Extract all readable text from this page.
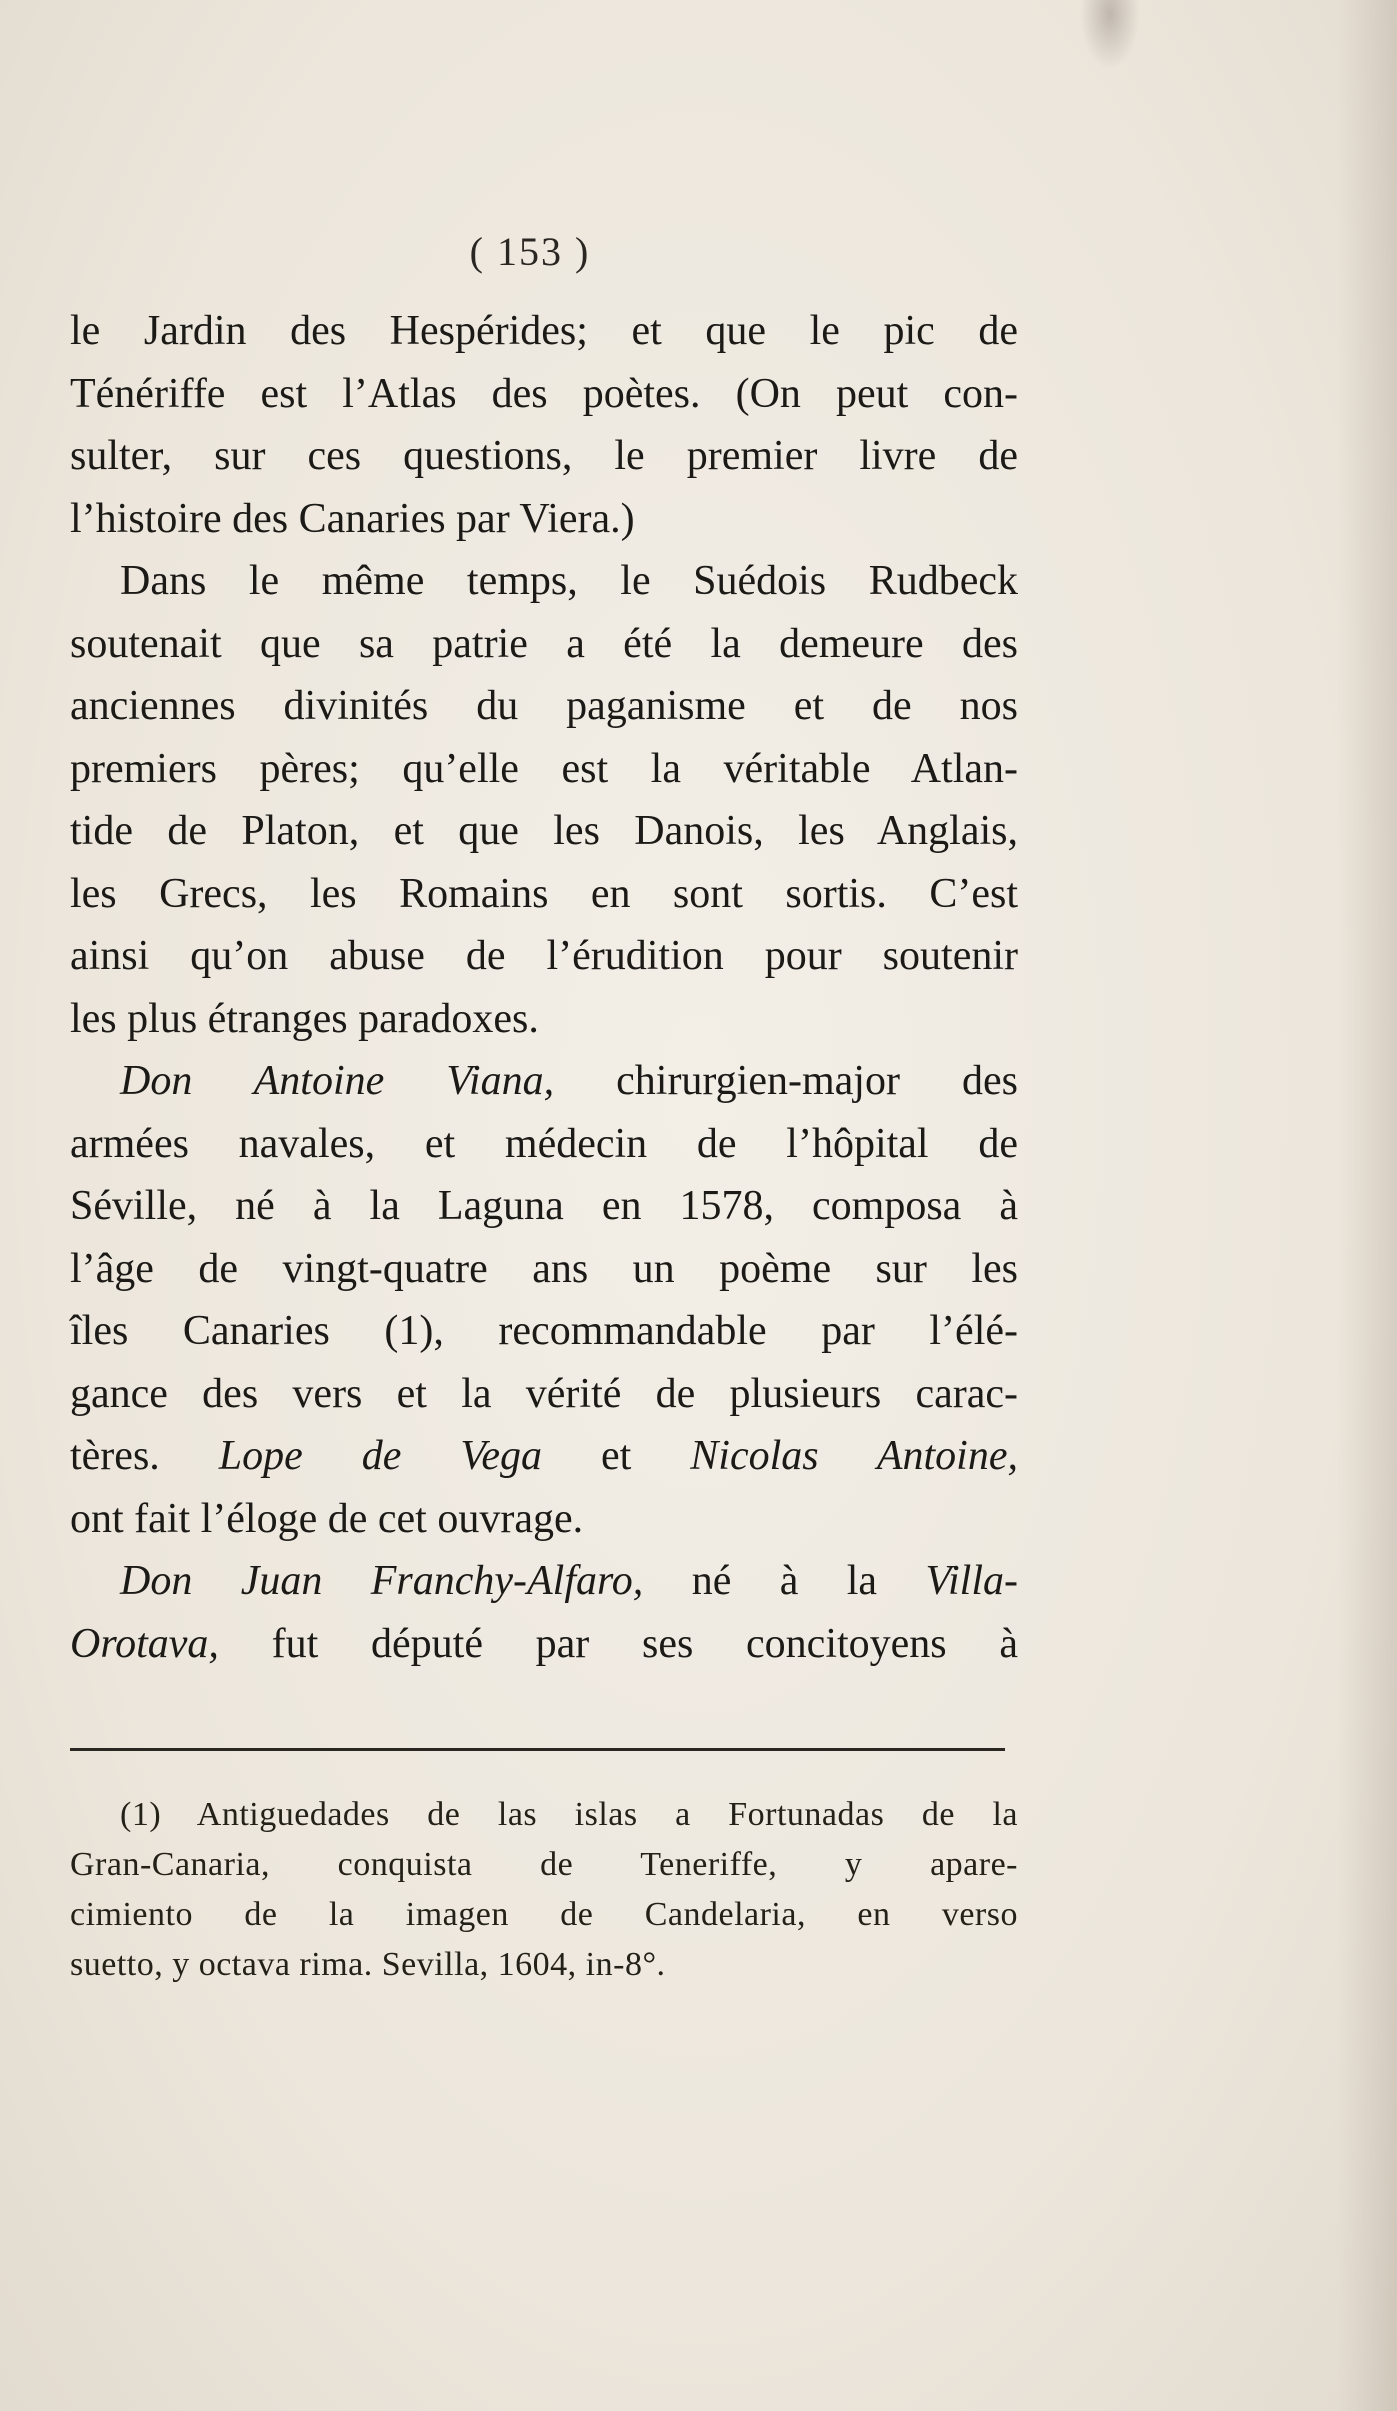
( 153 )
le Jardin des Hespérides; et que le pic de
Ténériffe est l’Atlas des poètes. (On peut con-
sulter, sur ces questions, le premier livre de
l’histoire des Canaries par Viera.)
Dans le même temps, le Suédois Rudbeck
soutenait que sa patrie a été la demeure des
anciennes divinités du paganisme et de nos
premiers pères; qu’elle est la véritable Atlan-
tide de Platon, et que les Danois, les Anglais,
les Grecs, les Romains en sont sortis. C’est
ainsi qu’on abuse de l’érudition pour soutenir
les plus étranges paradoxes.
Don Antoine Viana, chirurgien-major des
armées navales, et médecin de l’hôpital de
Séville, né à la Laguna en 1578, composa à
l’âge de vingt-quatre ans un poème sur les
îles Canaries (1), recommandable par l’élé-
gance des vers et la vérité de plusieurs carac-
tères. Lope de Vega et Nicolas Antoine,
ont fait l’éloge de cet ouvrage.
Don Juan Franchy-Alfaro, né à la Villa-
Orotava, fut député par ses concitoyens à
(1) Antiguedades de las islas a Fortunadas de la
Gran-Canaria, conquista de Teneriffe, y apare-
cimiento de la imagen de Candelaria, en verso
suetto, y octava rima. Sevilla, 1604, in-8°.
